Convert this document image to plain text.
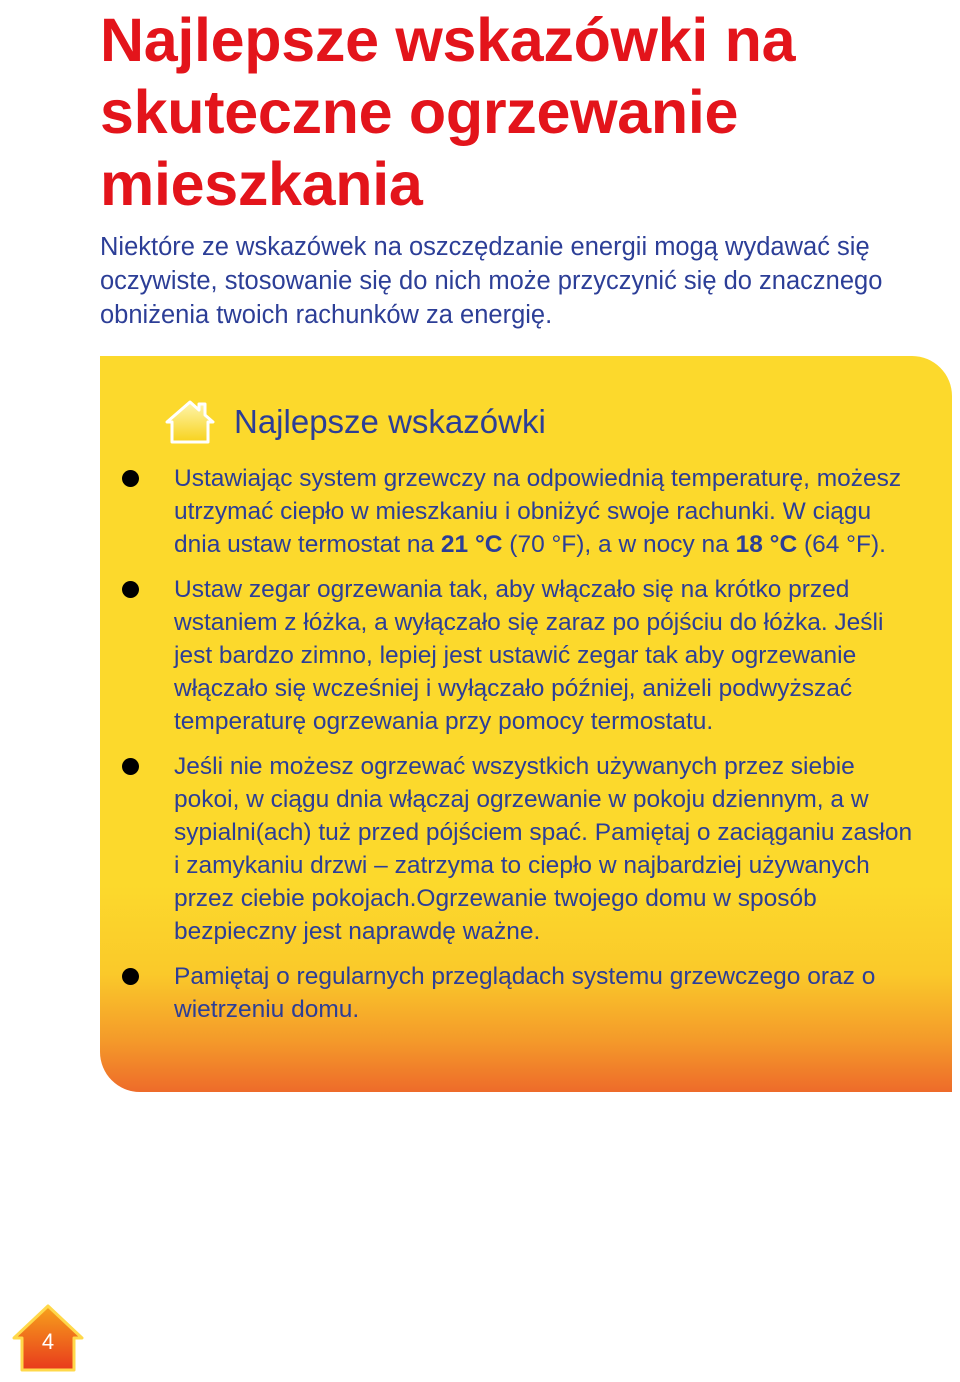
Najlepsze wskazówki na skuteczne ogrzewanie mieszkania

Niektóre ze wskazówek na oszczędzanie energii mogą wydawać się oczywiste, stosowanie się do nich może przyczynić się do znacznego obniżenia twoich rachunków za energię.

Najlepsze wskazówki
Ustawiając system grzewczy na odpowiednią temperaturę, możesz utrzymać ciepło w mieszkaniu i obniżyć swoje rachunki. W ciągu dnia ustaw termostat na 21 °C (70 °F), a w nocy na 18 °C (64 °F).
Ustaw zegar ogrzewania tak, aby włączało się na krótko przed wstaniem z łóżka, a wyłączało się zaraz po pójściu do łóżka. Jeśli jest bardzo zimno, lepiej jest ustawić zegar tak aby ogrzewanie włączało się wcześniej i wyłączało później, aniżeli podwyższać temperaturę ogrzewania przy pomocy termostatu.
Jeśli nie możesz ogrzewać wszystkich używanych przez siebie pokoi, w ciągu dnia włączaj ogrzewanie w pokoju dziennym, a w sypialni(ach) tuż przed pójściem spać. Pamiętaj o zaciąganiu zasłon i zamykaniu drzwi – zatrzyma to ciepło w najbardziej używanych przez ciebie pokojach.Ogrzewanie twojego domu w sposób bezpieczny jest naprawdę ważne.
Pamiętaj o regularnych przeglądach systemu grzewczego oraz o wietrzeniu domu.
4
